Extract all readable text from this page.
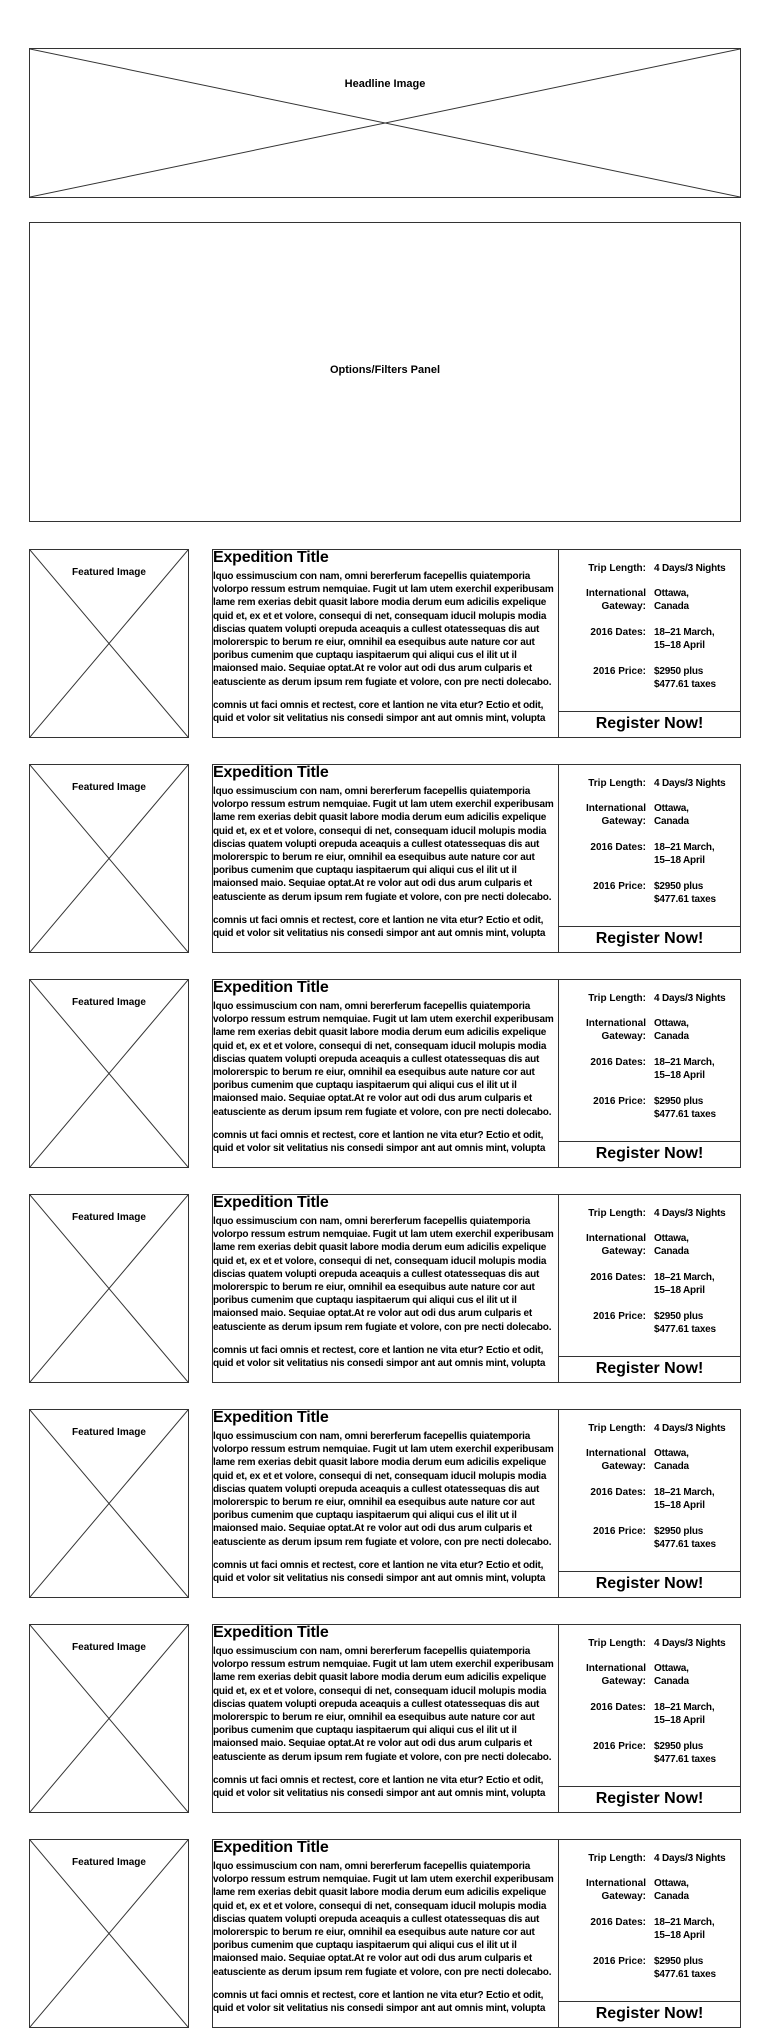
Headline Image
Options/Filters Panel
Featured Image
Expedition Title

lquo essimuscium con nam, omni bererferum facepellis quiatemporia volorpo ressum estrum nemquiae. Fugit ut lam utem exerchil experibusam lame rem exerias debit quasit labore modia derum eum adicilis expelique quid et, ex et et volore, consequi di net, consequam iducil molupis modia discias quatem volupti orepuda aceaquis a cullest otatessequas dis aut molorerspic to berum re eiur, omnihil ea esequibus aute nature cor aut poribus cumenim que cuptaqu iaspitaerum qui aliqui cus el ilit ut il maionsed maio. Sequiae optat.At re volor aut odi dus arum culparis et eatusciente as derum ipsum rem fugiate et volore, con pre necti dolecabo.

comnis ut faci omnis et rectest, core et lantion ne vita etur? Ectio et odit, quid et volor sit velitatius nis consedi simpor ant aut omnis mint, volupta

Trip Length: 4 Days/3 Nights
International Gateway:
Ottawa, Canada
2016 Dates: 18–21 March, 15–18 April
2016 Price: $2950 plus $477.61 taxes
Register Now!
Featured Image
Expedition Title

lquo essimuscium con nam, omni bererferum facepellis quiatemporia volorpo ressum estrum nemquiae. Fugit ut lam utem exerchil experibusam lame rem exerias debit quasit labore modia derum eum adicilis expelique quid et, ex et et volore, consequi di net, consequam iducil molupis modia discias quatem volupti orepuda aceaquis a cullest otatessequas dis aut molorerspic to berum re eiur, omnihil ea esequibus aute nature cor aut poribus cumenim que cuptaqu iaspitaerum qui aliqui cus el ilit ut il maionsed maio. Sequiae optat.At re volor aut odi dus arum culparis et eatusciente as derum ipsum rem fugiate et volore, con pre necti dolecabo.

comnis ut faci omnis et rectest, core et lantion ne vita etur? Ectio et odit, quid et volor sit velitatius nis consedi simpor ant aut omnis mint, volupta

Trip Length: 4 Days/3 Nights
International Gateway:
Ottawa, Canada
2016 Dates: 18–21 March, 15–18 April
2016 Price: $2950 plus $477.61 taxes
Register Now!
Featured Image
Expedition Title

lquo essimuscium con nam, omni bererferum facepellis quiatemporia volorpo ressum estrum nemquiae. Fugit ut lam utem exerchil experibusam lame rem exerias debit quasit labore modia derum eum adicilis expelique quid et, ex et et volore, consequi di net, consequam iducil molupis modia discias quatem volupti orepuda aceaquis a cullest otatessequas dis aut molorerspic to berum re eiur, omnihil ea esequibus aute nature cor aut poribus cumenim que cuptaqu iaspitaerum qui aliqui cus el ilit ut il maionsed maio. Sequiae optat.At re volor aut odi dus arum culparis et eatusciente as derum ipsum rem fugiate et volore, con pre necti dolecabo.

comnis ut faci omnis et rectest, core et lantion ne vita etur? Ectio et odit, quid et volor sit velitatius nis consedi simpor ant aut omnis mint, volupta

Trip Length: 4 Days/3 Nights
International Gateway:
Ottawa, Canada
2016 Dates: 18–21 March, 15–18 April
2016 Price: $2950 plus $477.61 taxes
Register Now!
Featured Image
Expedition Title

lquo essimuscium con nam, omni bererferum facepellis quiatemporia volorpo ressum estrum nemquiae. Fugit ut lam utem exerchil experibusam lame rem exerias debit quasit labore modia derum eum adicilis expelique quid et, ex et et volore, consequi di net, consequam iducil molupis modia discias quatem volupti orepuda aceaquis a cullest otatessequas dis aut molorerspic to berum re eiur, omnihil ea esequibus aute nature cor aut poribus cumenim que cuptaqu iaspitaerum qui aliqui cus el ilit ut il maionsed maio. Sequiae optat.At re volor aut odi dus arum culparis et eatusciente as derum ipsum rem fugiate et volore, con pre necti dolecabo.

comnis ut faci omnis et rectest, core et lantion ne vita etur? Ectio et odit, quid et volor sit velitatius nis consedi simpor ant aut omnis mint, volupta

Trip Length: 4 Days/3 Nights
International Gateway:
Ottawa, Canada
2016 Dates: 18–21 March, 15–18 April
2016 Price: $2950 plus $477.61 taxes
Register Now!
Featured Image
Expedition Title

lquo essimuscium con nam, omni bererferum facepellis quiatemporia volorpo ressum estrum nemquiae. Fugit ut lam utem exerchil experibusam lame rem exerias debit quasit labore modia derum eum adicilis expelique quid et, ex et et volore, consequi di net, consequam iducil molupis modia discias quatem volupti orepuda aceaquis a cullest otatessequas dis aut molorerspic to berum re eiur, omnihil ea esequibus aute nature cor aut poribus cumenim que cuptaqu iaspitaerum qui aliqui cus el ilit ut il maionsed maio. Sequiae optat.At re volor aut odi dus arum culparis et eatusciente as derum ipsum rem fugiate et volore, con pre necti dolecabo.

comnis ut faci omnis et rectest, core et lantion ne vita etur? Ectio et odit, quid et volor sit velitatius nis consedi simpor ant aut omnis mint, volupta

Trip Length: 4 Days/3 Nights
International Gateway:
Ottawa, Canada
2016 Dates: 18–21 March, 15–18 April
2016 Price: $2950 plus $477.61 taxes
Register Now!
Featured Image
Expedition Title

lquo essimuscium con nam, omni bererferum facepellis quiatemporia volorpo ressum estrum nemquiae. Fugit ut lam utem exerchil experibusam lame rem exerias debit quasit labore modia derum eum adicilis expelique quid et, ex et et volore, consequi di net, consequam iducil molupis modia discias quatem volupti orepuda aceaquis a cullest otatessequas dis aut molorerspic to berum re eiur, omnihil ea esequibus aute nature cor aut poribus cumenim que cuptaqu iaspitaerum qui aliqui cus el ilit ut il maionsed maio. Sequiae optat.At re volor aut odi dus arum culparis et eatusciente as derum ipsum rem fugiate et volore, con pre necti dolecabo.

comnis ut faci omnis et rectest, core et lantion ne vita etur? Ectio et odit, quid et volor sit velitatius nis consedi simpor ant aut omnis mint, volupta

Trip Length: 4 Days/3 Nights
International Gateway:
Ottawa, Canada
2016 Dates: 18–21 March, 15–18 April
2016 Price: $2950 plus $477.61 taxes
Register Now!
Featured Image
Expedition Title

lquo essimuscium con nam, omni bererferum facepellis quiatemporia volorpo ressum estrum nemquiae. Fugit ut lam utem exerchil experibusam lame rem exerias debit quasit labore modia derum eum adicilis expelique quid et, ex et et volore, consequi di net, consequam iducil molupis modia discias quatem volupti orepuda aceaquis a cullest otatessequas dis aut molorerspic to berum re eiur, omnihil ea esequibus aute nature cor aut poribus cumenim que cuptaqu iaspitaerum qui aliqui cus el ilit ut il maionsed maio. Sequiae optat.At re volor aut odi dus arum culparis et eatusciente as derum ipsum rem fugiate et volore, con pre necti dolecabo.

comnis ut faci omnis et rectest, core et lantion ne vita etur? Ectio et odit, quid et volor sit velitatius nis consedi simpor ant aut omnis mint, volupta

Trip Length: 4 Days/3 Nights
International Gateway:
Ottawa, Canada
2016 Dates: 18–21 March, 15–18 April
2016 Price: $2950 plus $477.61 taxes
Register Now!
